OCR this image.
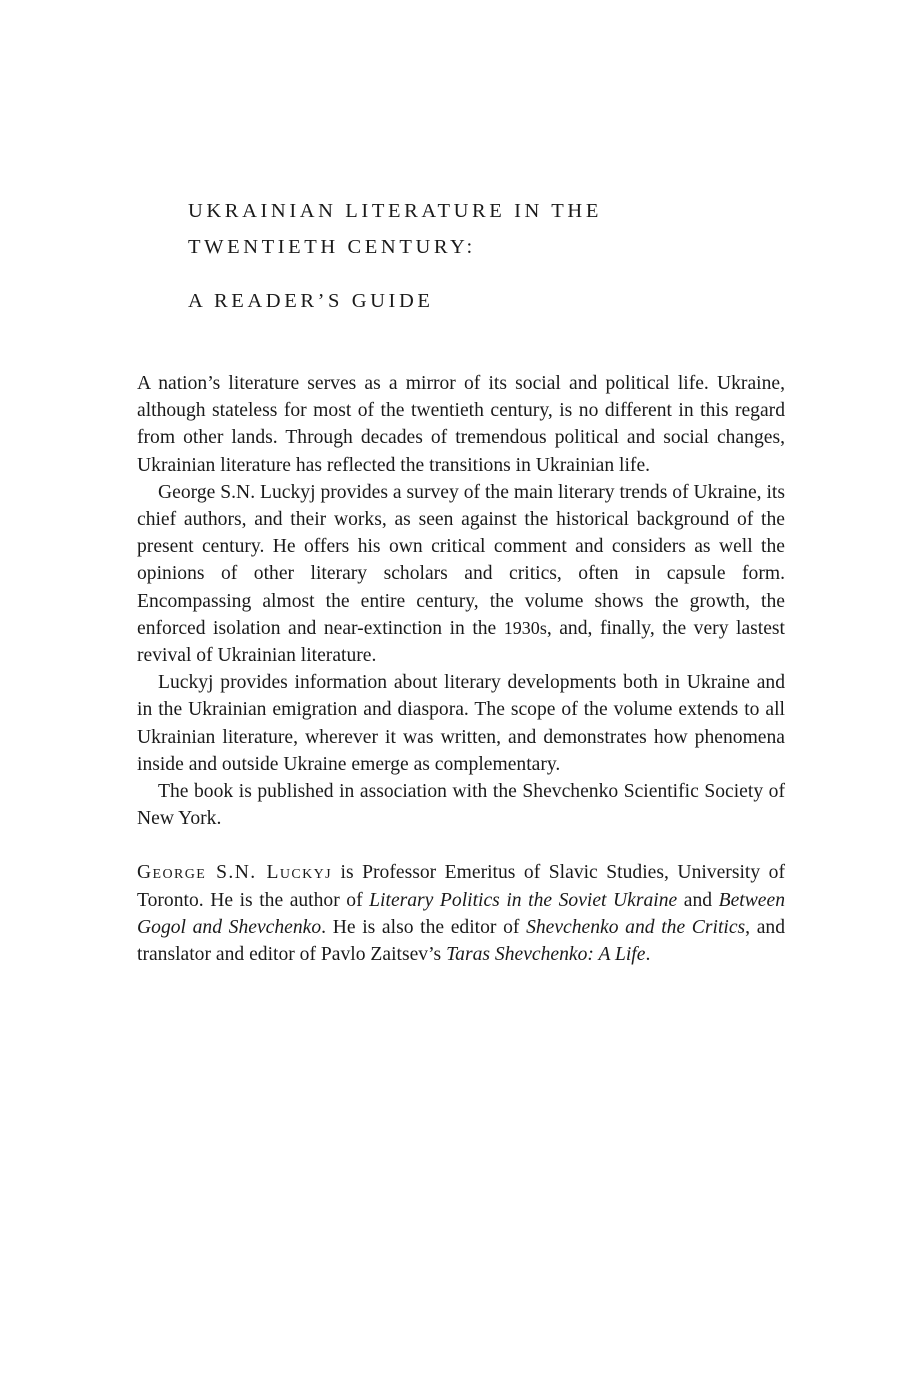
UKRAINIAN LITERATURE IN THE

TWENTIETH CENTURY:

A READER’S GUIDE

A nation’s literature serves as a mirror of its social and political life. Ukraine, although stateless for most of the twentieth century, is no different in this regard from other lands. Through decades of tremendous political and social changes, Ukrainian literature has reflected the transitions in Ukrainian life.

George S.N. Luckyj provides a survey of the main literary trends of Ukraine, its chief authors, and their works, as seen against the historical background of the present century. He offers his own critical comment and considers as well the opinions of other literary scholars and critics, often in capsule form. Encompassing almost the entire century, the volume shows the growth, the enforced isolation and near-extinction in the 1930s, and, finally, the very lastest revival of Ukrainian literature.

Luckyj provides information about literary developments both in Ukraine and in the Ukrainian emigration and diaspora. The scope of the volume extends to all Ukrainian literature, wherever it was written, and demonstrates how phenomena inside and outside Ukraine emerge as complementary.

The book is published in association with the Shevchenko Scientific Society of New York.

George S.N. Luckyj is Professor Emeritus of Slavic Studies, University of Toronto. He is the author of Literary Politics in the Soviet Ukraine and Between Gogol and Shevchenko. He is also the editor of Shevchenko and the Critics, and translator and editor of Pavlo Zaitsev’s Taras Shevchenko: A Life.
